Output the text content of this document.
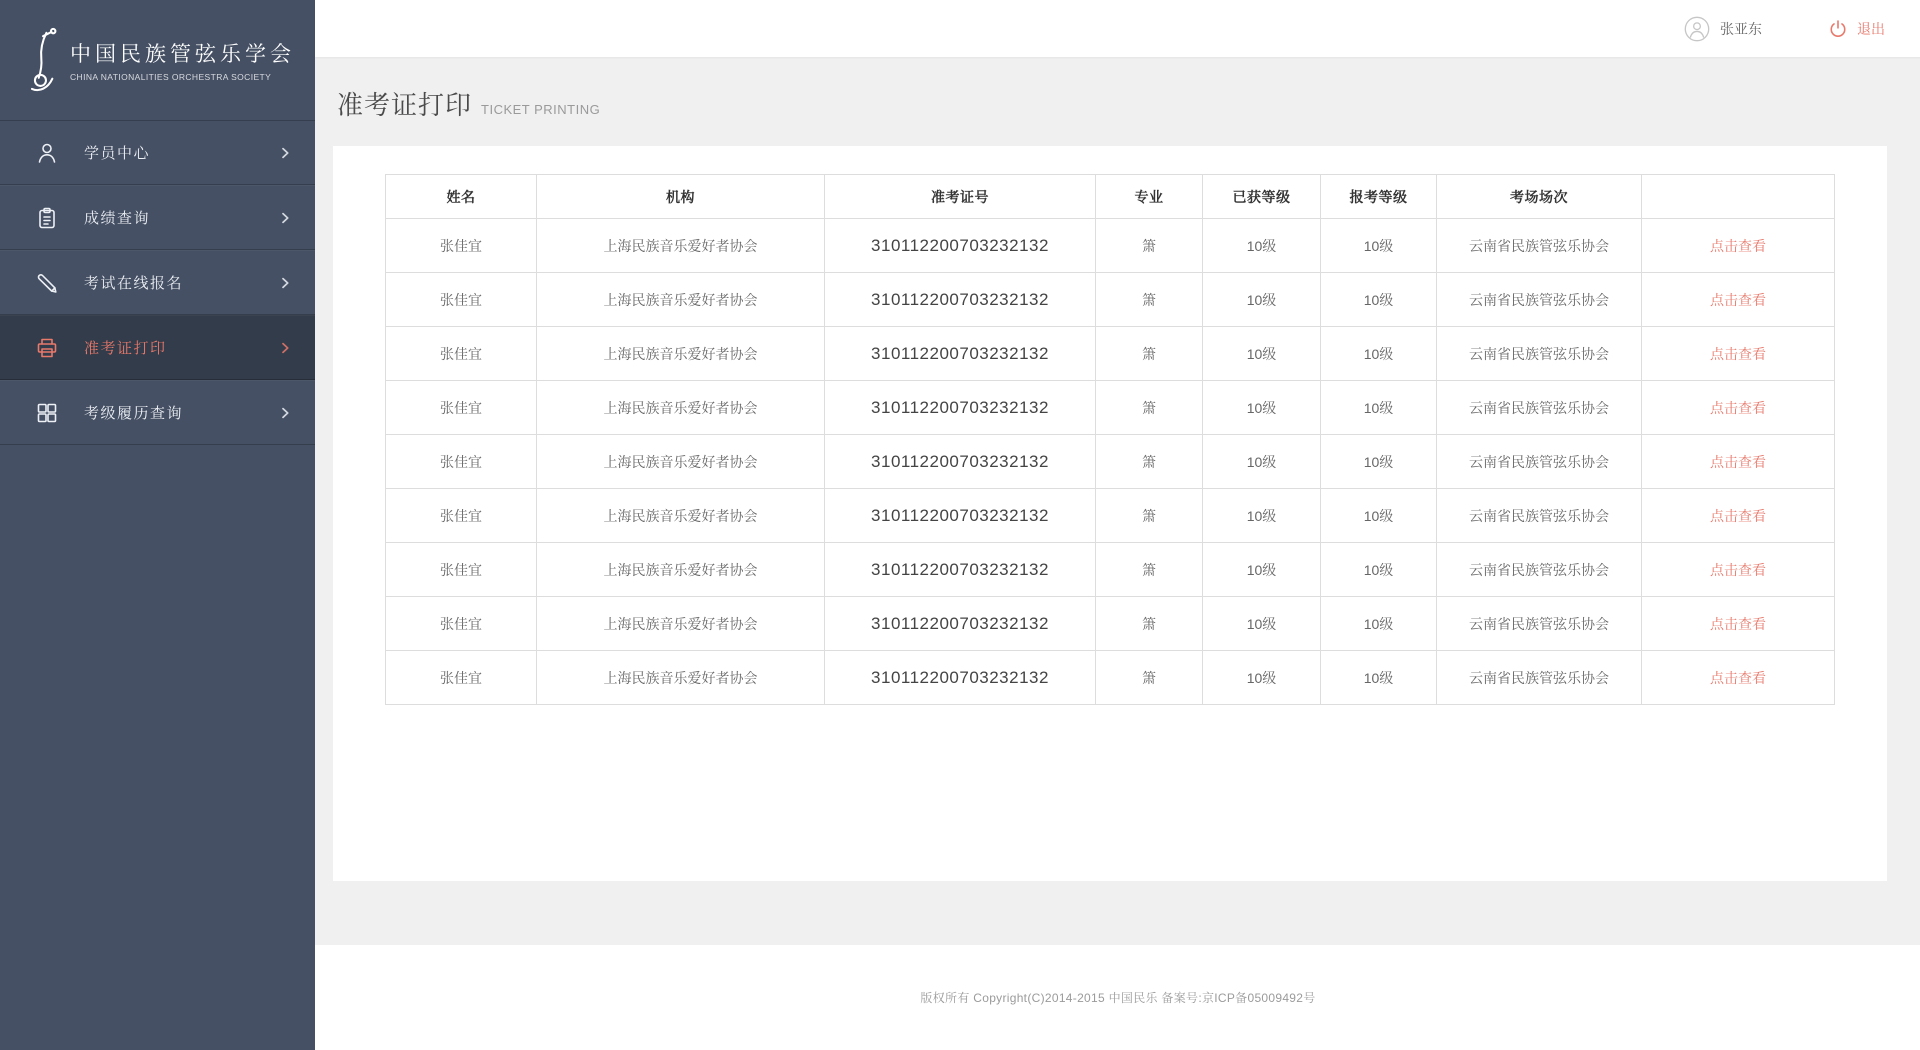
中国民族管弦乐学会
CHINA NATIONALITIES ORCHESTRA SOCIETY
学员中心
成绩查询
考试在线报名
准考证打印
考级履历查询
张亚东	退出
准考证打印 TICKET PRINTING
姓名	机构	准考证号	专业	已获等级	报考等级	考场场次	
张佳宜	上海民族音乐爱好者协会	310112200703232132	箫	10级	10级	云南省民族管弦乐协会	点击查看
张佳宜	上海民族音乐爱好者协会	310112200703232132	箫	10级	10级	云南省民族管弦乐协会	点击查看
张佳宜	上海民族音乐爱好者协会	310112200703232132	箫	10级	10级	云南省民族管弦乐协会	点击查看
张佳宜	上海民族音乐爱好者协会	310112200703232132	箫	10级	10级	云南省民族管弦乐协会	点击查看
张佳宜	上海民族音乐爱好者协会	310112200703232132	箫	10级	10级	云南省民族管弦乐协会	点击查看
张佳宜	上海民族音乐爱好者协会	310112200703232132	箫	10级	10级	云南省民族管弦乐协会	点击查看
张佳宜	上海民族音乐爱好者协会	310112200703232132	箫	10级	10级	云南省民族管弦乐协会	点击查看
张佳宜	上海民族音乐爱好者协会	310112200703232132	箫	10级	10级	云南省民族管弦乐协会	点击查看
张佳宜	上海民族音乐爱好者协会	310112200703232132	箫	10级	10级	云南省民族管弦乐协会	点击查看
版权所有 Copyright(C)2014-2015 中国民乐 备案号:京ICP备05009492号
